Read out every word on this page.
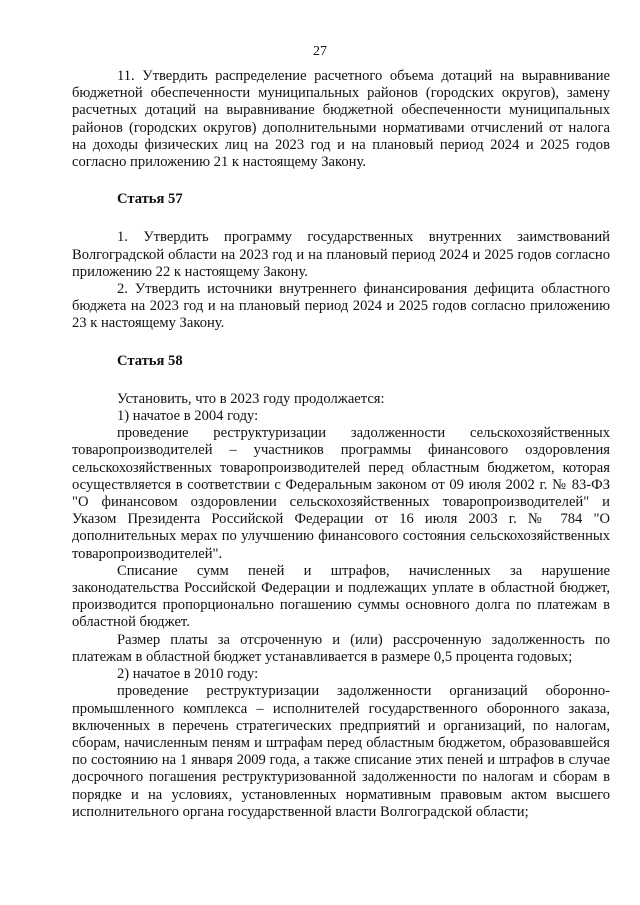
27

11. Утвердить распределение расчетного объема дотаций на выравнивание бюджетной обеспеченности муниципальных районов (городских округов), замену расчетных дотаций на выравнивание бюджетной обеспеченности муниципальных районов (городских округов) дополнительными нормативами отчислений от налога на доходы физических лиц на 2023 год и на плановый период 2024 и 2025 годов согласно приложению 21 к настоящему Закону.

Статья 57

1. Утвердить программу государственных внутренних заимствований Волгоградской области на 2023 год и на плановый период 2024 и 2025 годов согласно приложению 22 к настоящему Закону.

2. Утвердить источники внутреннего финансирования дефицита областного бюджета на 2023 год и на плановый период 2024 и 2025 годов согласно приложению 23 к настоящему Закону.

Статья 58

Установить, что в 2023 году продолжается:

1) начатое в 2004 году:

проведение реструктуризации задолженности сельскохозяйственных товаропроизводителей – участников программы финансового оздоровления сельскохозяйственных товаропроизводителей перед областным бюджетом, которая осуществляется в соответствии с Федеральным законом от 09 июля 2002 г. № 83-ФЗ "О финансовом оздоровлении сельскохозяйственных товаропроизводителей" и Указом Президента Российской Федерации от 16 июля 2003 г. № 784 "О дополнительных мерах по улучшению финансового состояния сельскохозяйственных товаропроизводителей".

Списание сумм пеней и штрафов, начисленных за нарушение законодательства Российской Федерации и подлежащих уплате в областной бюджет, производится пропорционально погашению суммы основного долга по платежам в областной бюджет.

Размер платы за отсроченную и (или) рассроченную задолженность по платежам в областной бюджет устанавливается в размере 0,5 процента годовых;

2) начатое в 2010 году:

проведение реструктуризации задолженности организаций оборонно-промышленного комплекса – исполнителей государственного оборонного заказа, включенных в перечень стратегических предприятий и организаций, по налогам, сборам, начисленным пеням и штрафам перед областным бюджетом, образовавшейся по состоянию на 1 января 2009 года, а также списание этих пеней и штрафов в случае досрочного погашения реструктуризованной задолженности по налогам и сборам в порядке и на условиях, установленных нормативным правовым актом высшего исполнительного органа государственной власти Волгоградской области;
